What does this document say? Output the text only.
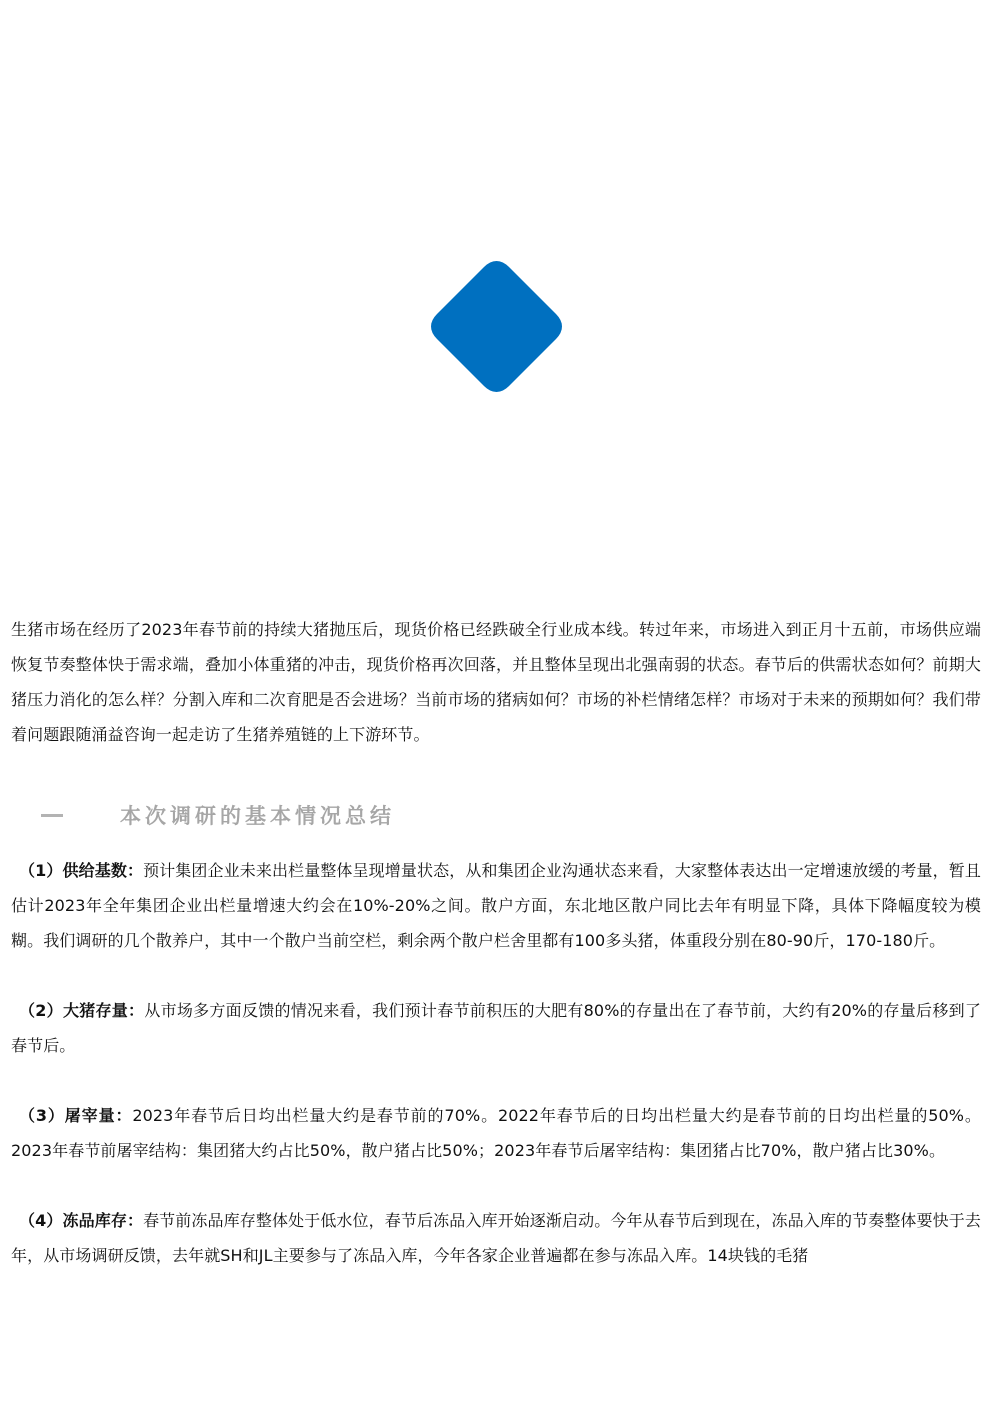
生猪市场在经历了2023年春节前的持续大猪抛压后，现货价格已经跌破全行业成本线。转过年来，市场进入到正月十五前，市场供应端恢复节奏整体快于需求端，叠加小体重猪的冲击，现货价格再次回落，并且整体呈现出北强南弱的状态。春节后的供需状态如何？前期大猪压力消化的怎么样？分割入库和二次育肥是否会进场？当前市场的猪病如何？市场的补栏情绪怎样？市场对于未来的预期如何？我们带着问题跟随涌益咨询一起走访了生猪养殖链的上下游环节。

本次调研的基本情况总结

（1）供给基数：预计集团企业未来出栏量整体呈现增量状态，从和集团企业沟通状态来看，大家整体表达出一定增速放缓的考量，暂且估计2023年全年集团企业出栏量增速大约会在10%-20%之间。散户方面，东北地区散户同比去年有明显下降，具体下降幅度较为模糊。我们调研的几个散养户，其中一个散户当前空栏，剩余两个散户栏舍里都有100多头猪，体重段分别在80-90斤，170-180斤。

（2）大猪存量：从市场多方面反馈的情况来看，我们预计春节前积压的大肥有80%的存量出在了春节前，大约有20%的存量后移到了春节后。

（3）屠宰量：2023年春节后日均出栏量大约是春节前的70%。2022年春节后的日均出栏量大约是春节前的日均出栏量的50%。2023年春节前屠宰结构：集团猪大约占比50%，散户猪占比50%；2023年春节后屠宰结构：集团猪占比70%，散户猪占比30%。

（4）冻品库存：春节前冻品库存整体处于低水位，春节后冻品入库开始逐渐启动。今年从春节后到现在，冻品入库的节奏整体要快于去年，从市场调研反馈，去年就SH和JL主要参与了冻品入库，今年各家企业普遍都在参与冻品入库。14块钱的毛猪
